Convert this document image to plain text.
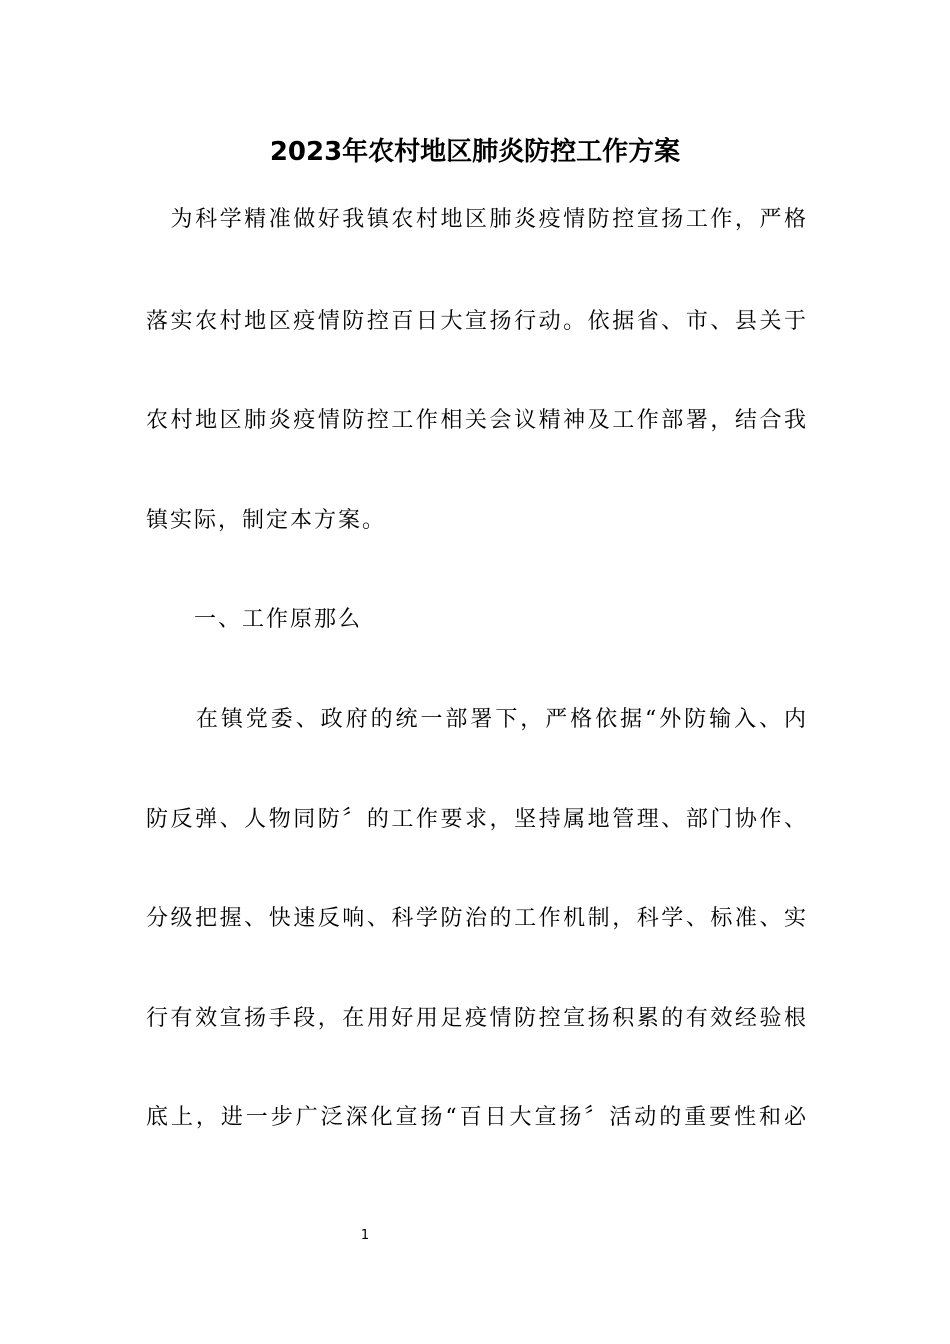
2023年农村地区肺炎防控工作方案

　为科学精准做好我镇农村地区肺炎疫情防控宣扬工作，严格

落实农村地区疫情防控百日大宣扬行动。依据省、市、县关于

农村地区肺炎疫情防控工作相关会议精神及工作部署，结合我

镇实际，制定本方案。

　　一、工作原那么

　　在镇党委、政府的统一部署下，严格依据“外防输入、内

防反弹、人物同防〞的工作要求，坚持属地管理、部门协作、

分级把握、快速反响、科学防治的工作机制，科学、标准、实

行有效宣扬手段，在用好用足疫情防控宣扬积累的有效经验根

底上，进一步广泛深化宣扬“百日大宣扬〞活动的重要性和必

1
